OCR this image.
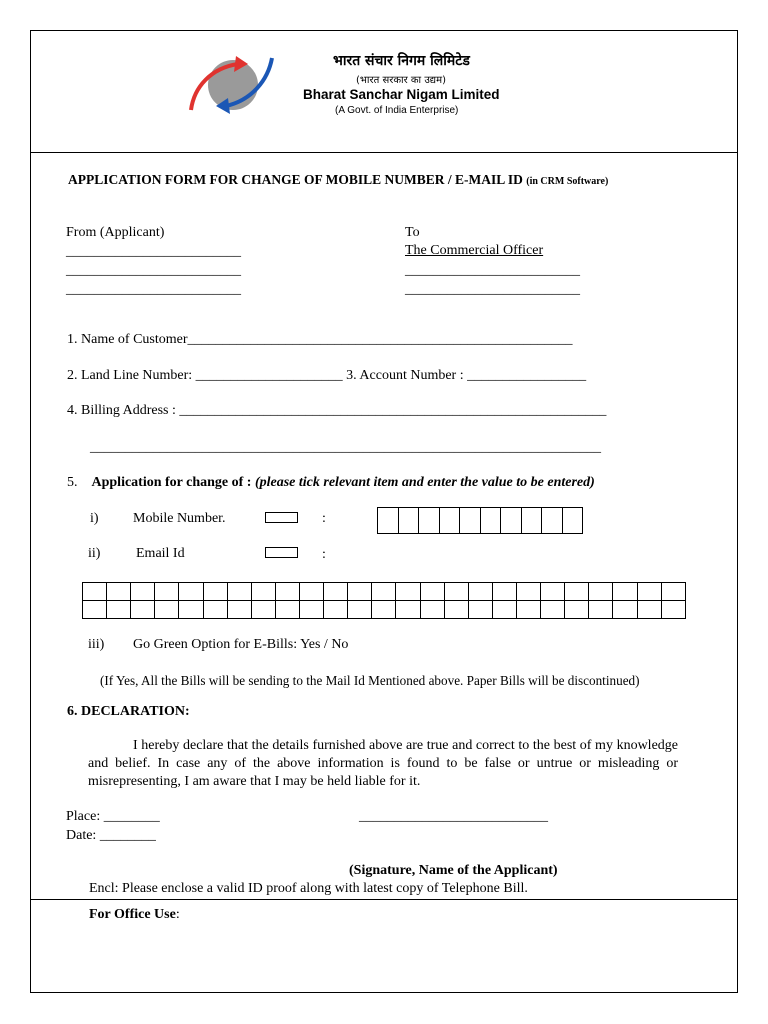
भारत संचार निगम लिमिटेड
(भारत सरकार का उद्यम)
Bharat Sanchar Nigam Limited
(A Govt. of India Enterprise)
APPLICATION FORM FOR CHANGE OF MOBILE NUMBER / E-MAIL ID (in CRM Software)
From (Applicant)
_________________________
_________________________
_________________________
To
The Commercial Officer
_________________________
_________________________
1. Name of Customer_______________________________________________________
2. Land Line Number: _____________________ 3. Account Number : _________________
4. Billing Address : _____________________________________________________________
_________________________________________________________________________
5. Application for change of : (please tick relevant item and enter the value to be entered)
i) Mobile Number.	:

ii)	Email Id	:

iii) Go Green Option for E-Bills: Yes / No
(If Yes, All the Bills will be sending to the Mail Id Mentioned above. Paper Bills will be discontinued)
6. DECLARATION:

I hereby declare that the details furnished above are true and correct to the best of my knowledge and belief. In case any of the above information is found to be false or untrue or misleading or misrepresenting, I am aware that I may be held liable for it.

Place: ________
Date: ________
___________________________
(Signature, Name of the Applicant)
Encl: Please enclose a valid ID proof along with latest copy of Telephone Bill.
For Office Use:
